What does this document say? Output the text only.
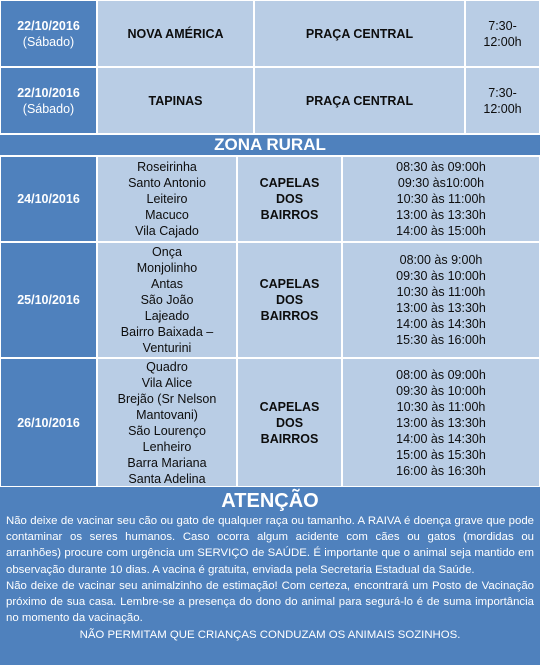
22/10/2016
(Sábado)
NOVA AMÉRICA	PRAÇA CENTRAL
7:30-
12:00h
22/10/2016
(Sábado)
TAPINAS	PRAÇA CENTRAL
7:30-
12:00h
ZONA RURAL
24/10/2016
Roseirinha
Santo Antonio
Leiteiro
Macuco
Vila Cajado
CAPELAS
DOS
BAIRROS
08:30 às 09:00h
09:30 às10:00h
10:30 às 11:00h
13:00 às 13:30h
14:00 às 15:00h
25/10/2016
Onça
Monjolinho
Antas
São João
Lajeado
Bairro Baixada –
Venturini
CAPELAS
DOS
BAIRROS
08:00 às 9:00h
09:30 às 10:00h
10:30 às 11:00h
13:00 às 13:30h
14:00 às 14:30h
15:30 às 16:00h
26/10/2016
Quadro
Vila Alice
Brejão (Sr Nelson
Mantovani)
São Lourenço
Lenheiro
Barra Mariana
Santa Adelina
CAPELAS
DOS
BAIRROS
08:00 às 09:00h
09:30 às 10:00h
10:30 às 11:00h
13:00 às 13:30h
14:00 às 14:30h
15:00 às 15:30h
16:00 às 16:30h
ATENÇÃO

Não deixe de vacinar seu cão ou gato de qualquer raça ou tamanho. A RAIVA é doença grave que pode contaminar os seres humanos. Caso ocorra algum acidente com cães ou gatos (mordidas ou arranhões) procure com urgência um SERVIÇO de SAÚDE. É importante que o animal seja mantido em observação durante 10 dias. A vacina é gratuita, enviada pela Secretaria Estadual da Saúde.

Não deixe de vacinar seu animalzinho de estimação! Com certeza, encontrará um Posto de Vacinação próximo de sua casa. Lembre-se a presença do dono do animal para segurá-lo é de suma importância no momento da vacinação.

NÃO PERMITAM QUE CRIANÇAS CONDUZAM OS ANIMAIS SOZINHOS.
